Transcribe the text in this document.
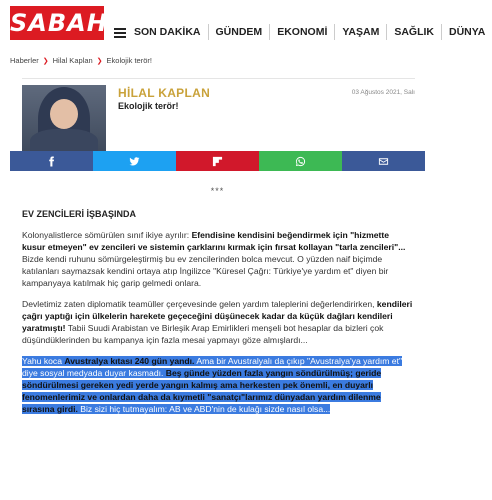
SABAH SON DAKİKA	GÜNDEM	EKONOMİ	YAŞAM	SAĞLIK	DÜNYA
Haberler ❯ Hilal Kaplan ❯ Ekolojik terör!
HİLAL KAPLAN
Ekolojik terör!
03 Ağustos 2021, Salı
***
EV ZENCİLERİ İŞBAŞINDA

Kolonyalistlerce sömürülen sınıf ikiye ayrılır: Efendisine kendisini beğendirmek için "hizmette kusur etmeyen" ev zencileri ve sistemin çarklarını kırmak için fırsat kollayan "tarla zencileri"... Bizde kendi ruhunu sömürgeleştirmiş bu ev zencilerinden bolca mevcut. O yüzden naif biçimde katılanları saymazsak kendini ortaya atıp İngilizce "Küresel Çağrı: Türkiye'ye yardım et" diyen bir kampanyaya katılmak hiç garip gelmedi onlara.

Devletimiz zaten diplomatik teamüller çerçevesinde gelen yardım taleplerini değerlendirirken, kendileri çağrı yaptığı için ülkelerin harekete geçeceğini düşünecek kadar da küçük dağları kendileri yaratmıştı! Tabii Suudi Arabistan ve Birleşik Arap Emirlikleri menşeli bot hesaplar da bizleri çok düşündüklerinden bu kampanya için fazla mesai yapmayı göze almışlardı...

Yahu koca Avustralya kıtası 240 gün yandı. Ama bir Avustralyalı da çıkıp "Avustralya'ya yardım et" diye sosyal medyada duyar kasmadı. Beş günde yüzden fazla yangın söndürülmüş; geride söndürülmesi gereken yedi yerde yangın kalmış ama herkesten pek önemli, en duyarlı fenomenlerimiz ve onlardan daha da kıymetli "sanatçı"larımız dünyadan yardım dilenme sırasına girdi. Biz sizi hiç tutmayalım: AB ve ABD'nin de kulağı sizde nasıl olsa...
